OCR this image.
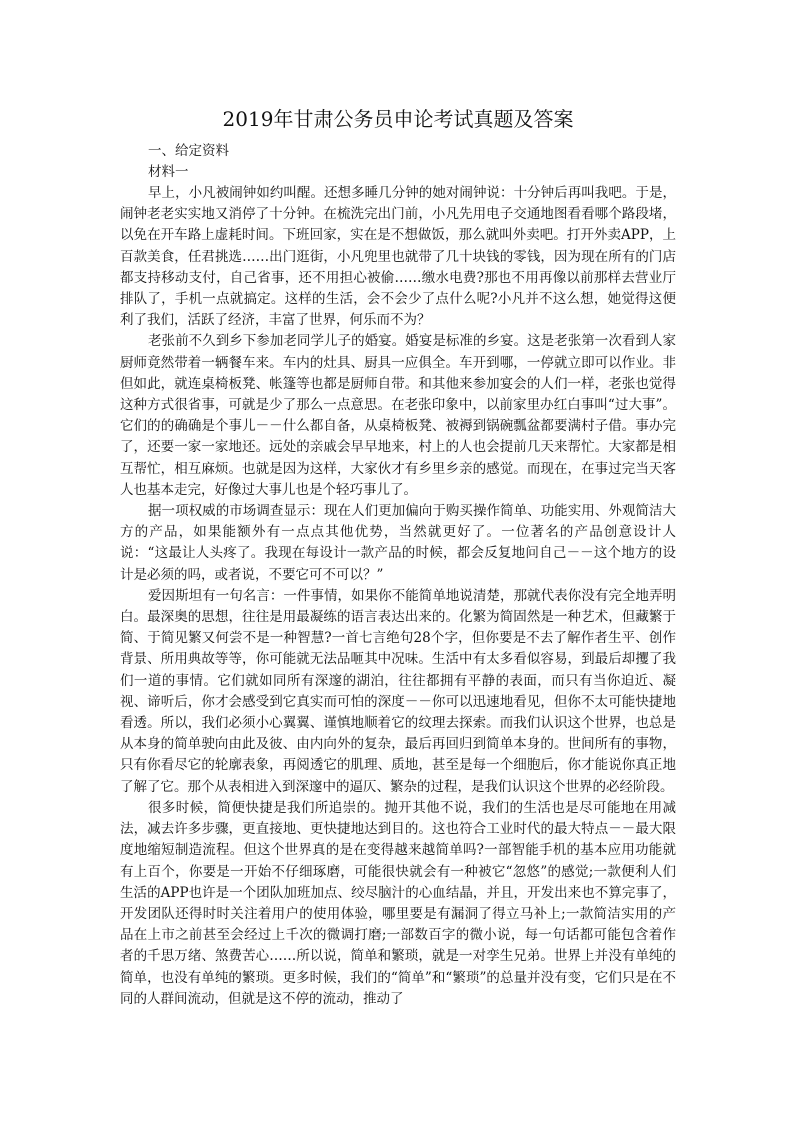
2019年甘肃公务员申论考试真题及答案

一、给定资料

材料一

早上，小凡被闹钟如约叫醒。还想多睡几分钟的她对闹钟说：十分钟后再叫我吧。于是，闹钟老老实实地又消停了十分钟。在梳洗完出门前，小凡先用电子交通地图看看哪个路段堵，以免在开车路上虚耗时间。下班回家，实在是不想做饭，那么就叫外卖吧。打开外卖APP，上百款美食，任君挑选……出门逛街，小凡兜里也就带了几十块钱的零钱，因为现在所有的门店都支持移动支付，自己省事，还不用担心被偷……缴水电费?那也不用再像以前那样去营业厅排队了，手机一点就搞定。这样的生活，会不会少了点什么呢?小凡并不这么想，她觉得这便利了我们，活跃了经济，丰富了世界，何乐而不为？

老张前不久到乡下参加老同学儿子的婚宴。婚宴是标准的乡宴。这是老张第一次看到人家厨师竟然带着一辆餐车来。车内的灶具、厨具一应俱全。车开到哪，一停就立即可以作业。非但如此，就连桌椅板凳、帐篷等也都是厨师自带。和其他来参加宴会的人们一样，老张也觉得这种方式很省事，可就是少了那么一点意思。在老张印象中，以前家里办红白事叫“过大事”。它们的的确确是个事儿－－什么都自备，从桌椅板凳、被褥到锅碗瓢盆都要满村子借。事办完了，还要一家一家地还。远处的亲戚会早早地来，村上的人也会提前几天来帮忙。大家都是相互帮忙，相互麻烦。也就是因为这样，大家伙才有乡里乡亲的感觉。而现在，在事过完当天客人也基本走完，好像过大事儿也是个轻巧事儿了。

据一项权威的市场调查显示：现在人们更加偏向于购买操作简单、功能实用、外观简洁大方的产品，如果能额外有一点点其他优势，当然就更好了。一位著名的产品创意设计人说：“这最让人头疼了。我现在每设计一款产品的时候，都会反复地问自己－－这个地方的设计是必须的吗，或者说，不要它可不可以？”

爱因斯坦有一句名言：一件事情，如果你不能简单地说清楚，那就代表你没有完全地弄明白。最深奥的思想，往往是用最凝练的语言表达出来的。化繁为简固然是一种艺术，但藏繁于简、于简见繁又何尝不是一种智慧?一首七言绝句28个字，但你要是不去了解作者生平、创作背景、所用典故等等，你可能就无法品咂其中况味。生活中有太多看似容易，到最后却攫了我们一道的事情。它们就如同所有深邃的湖泊，往往都拥有平静的表面，而只有当你迫近、凝视、谛听后，你才会感受到它真实而可怕的深度－－你可以迅速地看见，但你不太可能快捷地看透。所以，我们必须小心翼翼、谨慎地顺着它的纹理去探索。而我们认识这个世界，也总是从本身的简单驶向由此及彼、由内向外的复杂，最后再回归到简单本身的。世间所有的事物，只有你看尽它的轮廓表象，再阅透它的肌理、质地，甚至是每一个细胞后，你才能说你真正地了解了它。那个从表相进入到深邃中的逼仄、繁杂的过程，是我们认识这个世界的必经阶段。

很多时候，简便快捷是我们所追崇的。抛开其他不说，我们的生活也是尽可能地在用减法，减去许多步骤，更直接地、更快捷地达到目的。这也符合工业时代的最大特点－－最大限度地缩短制造流程。但这个世界真的是在变得越来越简单吗?一部智能手机的基本应用功能就有上百个，你要是一开始不仔细琢磨，可能很快就会有一种被它“忽悠”的感觉;一款便利人们生活的APP也许是一个团队加班加点、绞尽脑汁的心血结晶，并且，开发出来也不算完事了，开发团队还得时时关注着用户的使用体验，哪里要是有漏洞了得立马补上;一款简洁实用的产品在上市之前甚至会经过上千次的微调打磨;一部数百字的微小说，每一句话都可能包含着作者的千思万绪、煞费苦心……所以说，简单和繁琐，就是一对孪生兄弟。世界上并没有单纯的简单，也没有单纯的繁琐。更多时候，我们的“简单”和“繁琐”的总量并没有变，它们只是在不同的人群间流动，但就是这不停的流动，推动了
